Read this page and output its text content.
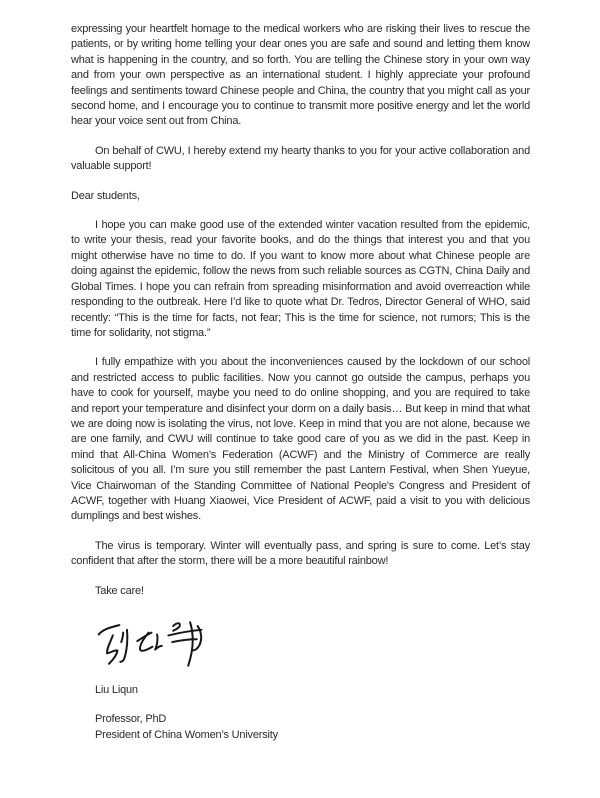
expressing your heartfelt homage to the medical workers who are risking their lives to rescue the patients, or by writing home telling your dear ones you are safe and sound and letting them know what is happening in the country, and so forth. You are telling the Chinese story in your own way and from your own perspective as an international student. I highly appreciate your profound feelings and sentiments toward Chinese people and China, the country that you might call as your second home, and I encourage you to continue to transmit more positive energy and let the world hear your voice sent out from China.

On behalf of CWU, I hereby extend my hearty thanks to you for your active collaboration and valuable support!

Dear students,

I hope you can make good use of the extended winter vacation resulted from the epidemic, to write your thesis, read your favorite books, and do the things that interest you and that you might otherwise have no time to do. If you want to know more about what Chinese people are doing against the epidemic, follow the news from such reliable sources as CGTN, China Daily and Global Times. I hope you can refrain from spreading misinformation and avoid overreaction while responding to the outbreak. Here I’d like to quote what Dr. Tedros, Director General of WHO, said recently: “This is the time for facts, not fear; This is the time for science, not rumors; This is the time for solidarity, not stigma.”

I fully empathize with you about the inconveniences caused by the lockdown of our school and restricted access to public facilities. Now you cannot go outside the campus, perhaps you have to cook for yourself, maybe you need to do online shopping, and you are required to take and report your temperature and disinfect your dorm on a daily basis… But keep in mind that what we are doing now is isolating the virus, not love. Keep in mind that you are not alone, because we are one family, and CWU will continue to take good care of you as we did in the past. Keep in mind that All-China Women’s Federation (ACWF) and the Ministry of Commerce are really solicitous of you all. I’m sure you still remember the past Lantern Festival, when Shen Yueyue, Vice Chairwoman of the Standing Committee of National People's Congress and President of ACWF, together with Huang Xiaowei, Vice President of ACWF, paid a visit to you with delicious dumplings and best wishes.

The virus is temporary. Winter will eventually pass, and spring is sure to come. Let’s stay confident that after the storm, there will be a more beautiful rainbow!

Take care!

Liu Liqun

Professor, PhD
President of China Women’s University
